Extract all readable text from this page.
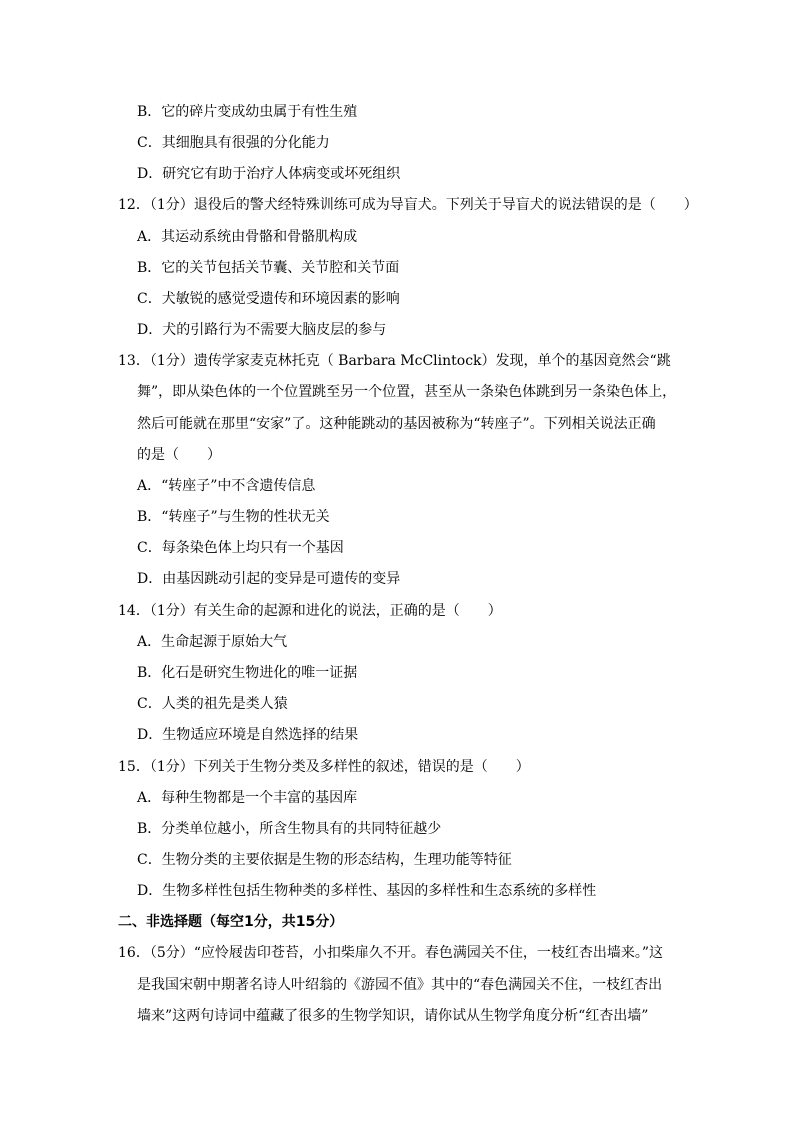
B．它的碎片变成幼虫属于有性生殖
C．其细胞具有很强的分化能力
D．研究它有助于治疗人体病变或坏死组织
12．（1分）退役后的警犬经特殊训练可成为导盲犬。下列关于导盲犬的说法错误的是（　　）
A．其运动系统由骨骼和骨骼肌构成
B．它的关节包括关节囊、关节腔和关节面
C．犬敏锐的感觉受遗传和环境因素的影响
D．犬的引路行为不需要大脑皮层的参与
13．（1分）遗传学家麦克林托克（ Barbara McClintock）发现，单个的基因竟然会“跳
舞”，即从染色体的一个位置跳至另一个位置，甚至从一条染色体跳到另一条染色体上，
然后可能就在那里“安家”了。这种能跳动的基因被称为“转座子”。下列相关说法正确
的是（　　）
A．“转座子”中不含遗传信息
B．“转座子”与生物的性状无关
C．每条染色体上均只有一个基因
D．由基因跳动引起的变异是可遗传的变异
14．（1分）有关生命的起源和进化的说法，正确的是（　　）
A．生命起源于原始大气
B．化石是研究生物进化的唯一证据
C．人类的祖先是类人猿
D．生物适应环境是自然选择的结果
15．（1分）下列关于生物分类及多样性的叙述，错误的是（　　）
A．每种生物都是一个丰富的基因库
B．分类单位越小，所含生物具有的共同特征越少
C．生物分类的主要依据是生物的形态结构，生理功能等特征
D．生物多样性包括生物种类的多样性、基因的多样性和生态系统的多样性
二、非选择题（每空1分，共15分）
16．（5分）“应怜屐齿印苍苔，小扣柴扉久不开。春色满园关不住，一枝红杏出墙来。”这
是我国宋朝中期著名诗人叶绍翁的《游园不值》其中的“春色满园关不住，一枝红杏出
墙来”这两句诗词中蕴藏了很多的生物学知识，请你试从生物学角度分析“红杏出墙”
